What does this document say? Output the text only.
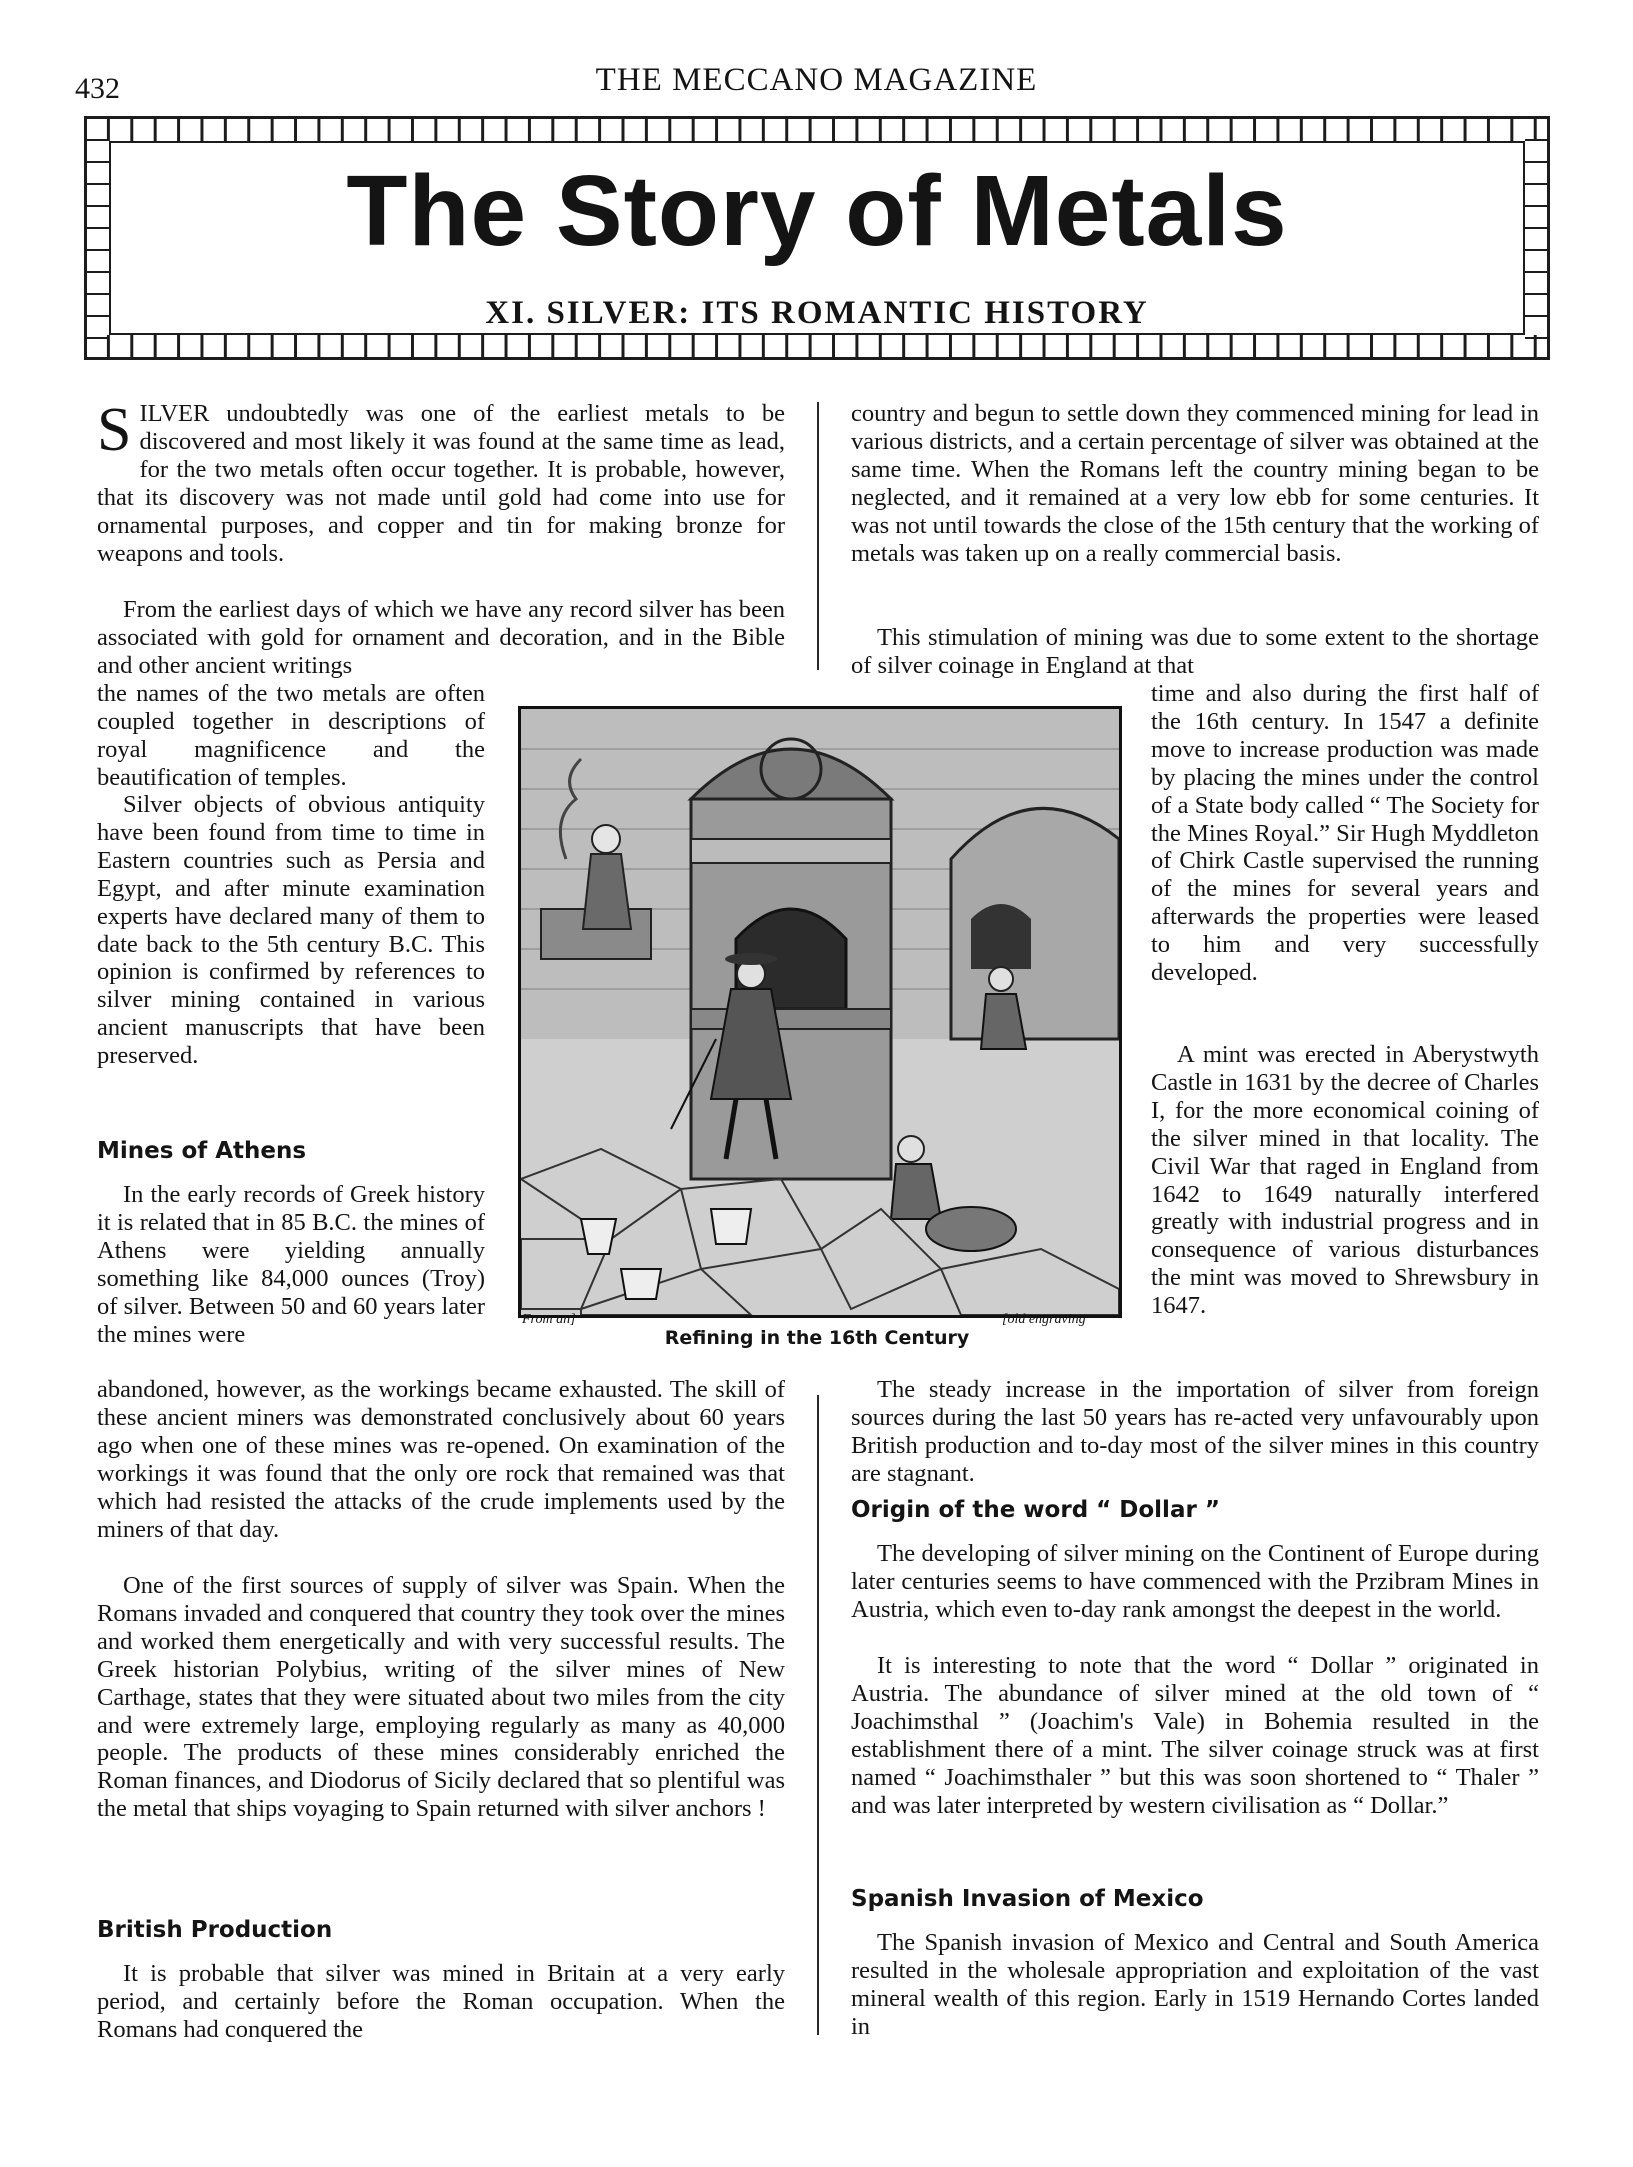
432	THE MECCANO MAGAZINE
The Story of Metals
XI. SILVER: ITS ROMANTIC HISTORY

SILVER undoubtedly was one of the earliest metals to be discovered and most likely it was found at the same time as lead, for the two metals often occur together. It is probable, however, that its discovery was not made until gold had come into use for ornamental purposes, and copper and tin for making bronze for weapons and tools.

From the earliest days of which we have any record silver has been associated with gold for ornament and decoration, and in the Bible and other ancient writings

the names of the two metals are often coupled together in descriptions of royal magnificence and the beautification of temples.

Silver objects of obvious antiquity have been found from time to time in Eastern countries such as Persia and Egypt, and after minute examination experts have declared many of them to date back to the 5th century B.C. This opinion is confirmed by references to silver mining contained in various ancient manuscripts that have been preserved.

Mines of Athens

In the early records of Greek history it is related that in 85 B.C. the mines of Athens were yielding annually something like 84,000 ounces (Troy) of silver. Between 50 and 60 years later the mines were

abandoned, however, as the workings became exhausted. The skill of these ancient miners was demonstrated conclusively about 60 years ago when one of these mines was re-opened. On examination of the workings it was found that the only ore rock that remained was that which had resisted the attacks of the crude implements used by the miners of that day.

One of the first sources of supply of silver was Spain. When the Romans invaded and conquered that country they took over the mines and worked them energetically and with very successful results. The Greek historian Polybius, writing of the silver mines of New Carthage, states that they were situated about two miles from the city and were extremely large, employing regularly as many as 40,000 people. The products of these mines considerably enriched the Roman finances, and Diodorus of Sicily declared that so plentiful was the metal that ships voyaging to Spain returned with silver anchors !

British Production

It is probable that silver was mined in Britain at a very early period, and certainly before the Roman occupation. When the Romans had conquered the

From an]	[old engraving
Refining in the 16th Century

country and begun to settle down they commenced mining for lead in various districts, and a certain percentage of silver was obtained at the same time. When the Romans left the country mining began to be neglected, and it remained at a very low ebb for some centuries. It was not until towards the close of the 15th century that the working of metals was taken up on a really commercial basis.

This stimulation of mining was due to some extent to the shortage of silver coinage in England at that

time and also during the first half of the 16th century. In 1547 a definite move to increase production was made by placing the mines under the control of a State body called “ The Society for the Mines Royal.” Sir Hugh Myddleton of Chirk Castle supervised the running of the mines for several years and afterwards the properties were leased to him and very successfully developed.

A mint was erected in Aberystwyth Castle in 1631 by the decree of Charles I, for the more economical coining of the silver mined in that locality. The Civil War that raged in England from 1642 to 1649 naturally interfered greatly with industrial progress and in consequence of various disturbances the mint was moved to Shrewsbury in 1647.

The steady increase in the importation of silver from foreign sources during the last 50 years has re-acted very unfavourably upon British production and to-day most of the silver mines in this country are stagnant.

Origin of the word “ Dollar ”

The developing of silver mining on the Continent of Europe during later centuries seems to have commenced with the Przibram Mines in Austria, which even to-day rank amongst the deepest in the world.

It is interesting to note that the word “ Dollar ” originated in Austria. The abundance of silver mined at the old town of “ Joachimsthal ” (Joachim's Vale) in Bohemia resulted in the establishment there of a mint. The silver coinage struck was at first named “ Joachimsthaler ” but this was soon shortened to “ Thaler ” and was later interpreted by western civilisation as “ Dollar.”

Spanish Invasion of Mexico

The Spanish invasion of Mexico and Central and South America resulted in the wholesale appropriation and exploitation of the vast mineral wealth of this region. Early in 1519 Hernando Cortes landed in
